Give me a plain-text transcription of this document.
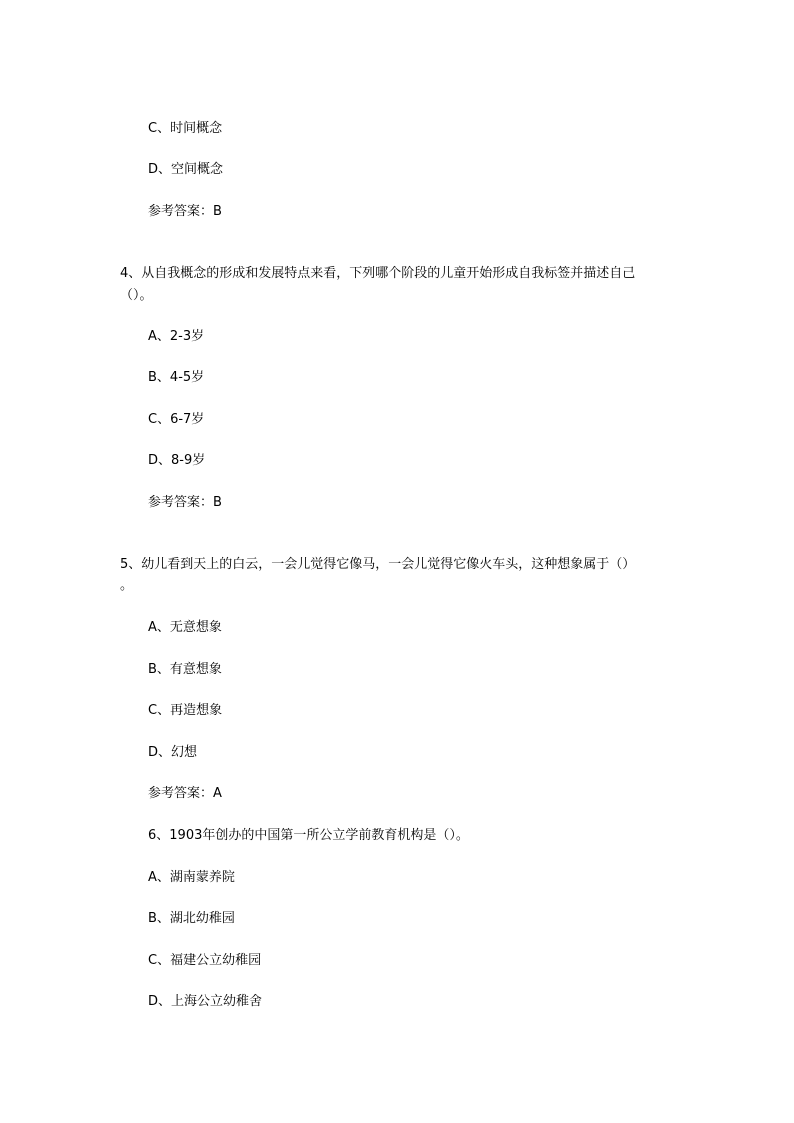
C、时间概念
D、空间概念
参考答案：B
4、从自我概念的形成和发展特点来看，下列哪个阶段的儿童开始形成自我标签并描述自己
（）。
A、2-3岁
B、4-5岁
C、6-7岁
D、8-9岁
参考答案：B
5、幼儿看到天上的白云，一会儿觉得它像马，一会儿觉得它像火车头，这种想象属于（）
。
A、无意想象
B、有意想象
C、再造想象
D、幻想
参考答案：A
6、1903年创办的中国第一所公立学前教育机构是（）。
A、湖南蒙养院
B、湖北幼稚园
C、福建公立幼稚园
D、上海公立幼稚舍
